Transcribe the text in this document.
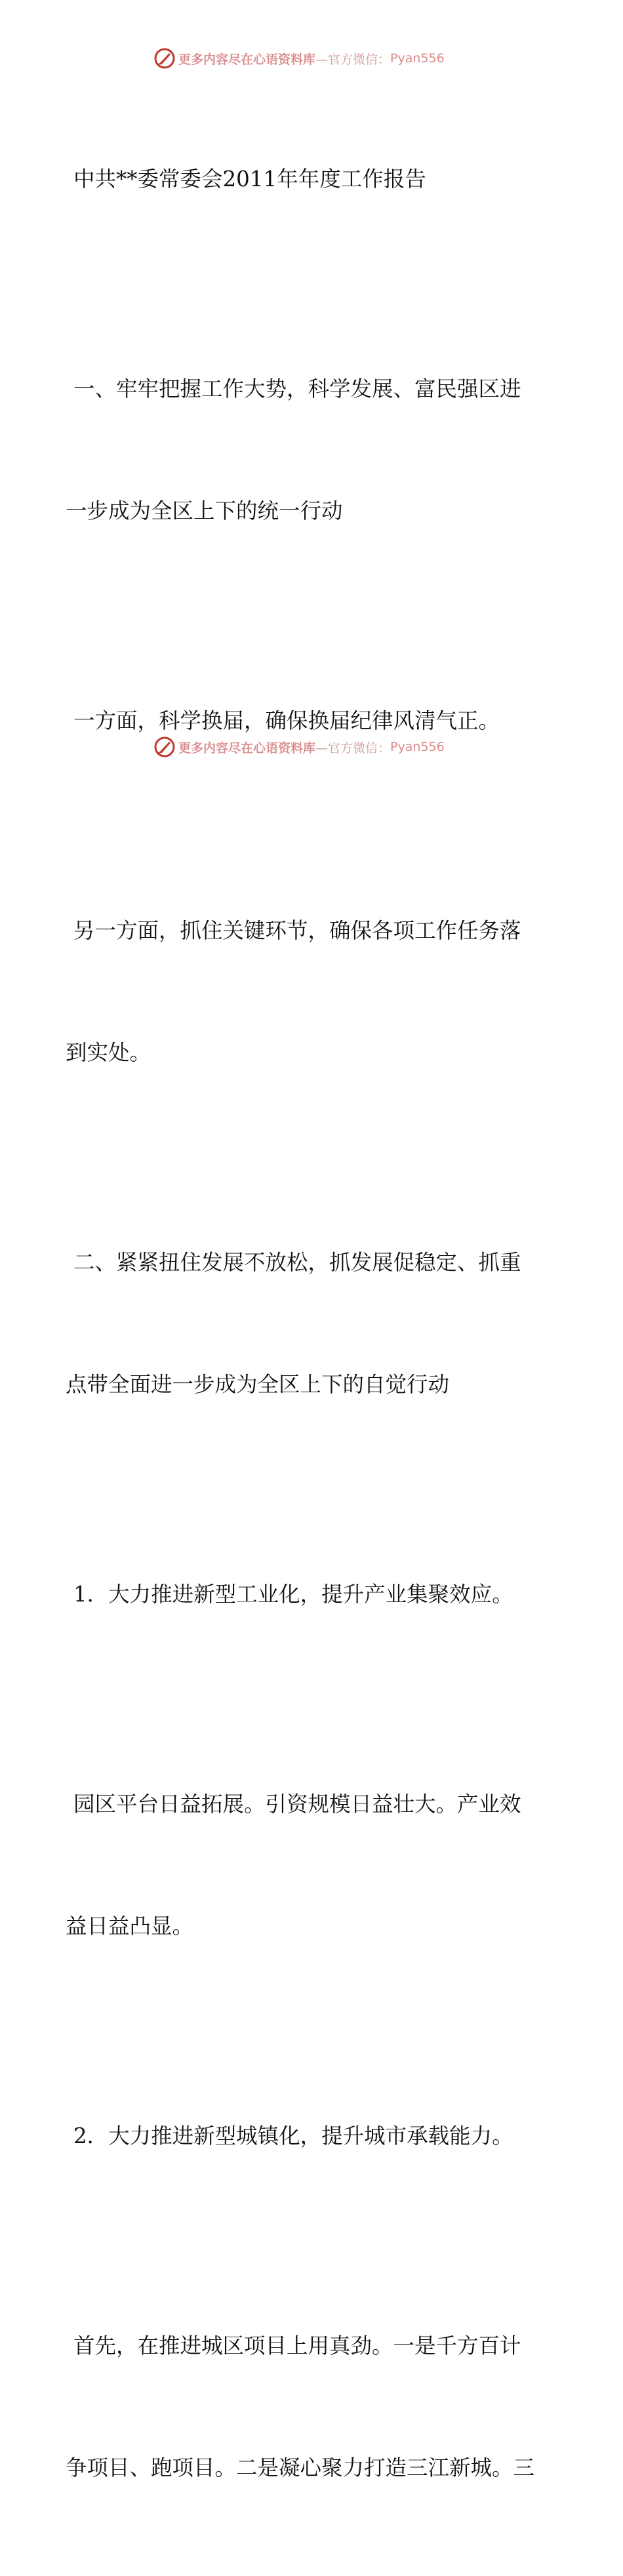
更多内容尽在心语资料库 —官方微信： Pyan556

中共**委常委会2011年年度工作报告

一、牢牢把握工作大势，科学发展、富民强区进

一步成为全区上下的统一行动

一方面，科学换届，确保换届纪律风清气正。

另一方面，抓住关键环节，确保各项工作任务落

到实处。

二、紧紧扭住发展不放松，抓发展促稳定、抓重

点带全面进一步成为全区上下的自觉行动

1．大力推进新型工业化，提升产业集聚效应。

园区平台日益拓展。引资规模日益壮大。产业效

益日益凸显。

2．大力推进新型城镇化，提升城市承载能力。

首先，在推进城区项目上用真劲。一是千方百计

争项目、跑项目。二是凝心聚力打造三江新城。三

更多内容尽在心语资料库 —官方微信： Pyan556
